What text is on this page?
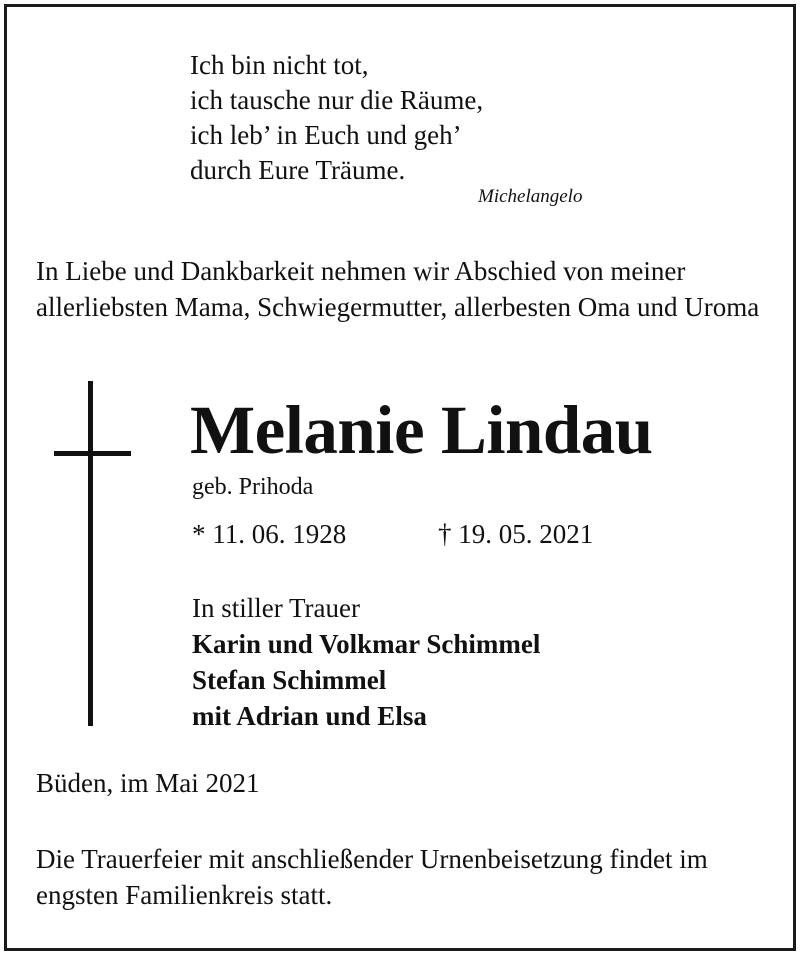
Ich bin nicht tot,
ich tausche nur die Räume,
ich leb’ in Euch und geh’
durch Eure Träume.
Michelangelo
In Liebe und Dankbarkeit nehmen wir Abschied von meiner allerliebsten Mama, Schwiegermutter, allerbesten Oma und Uroma
Melanie Lindau
geb. Prihoda
* 11. 06. 1928	† 19. 05. 2021
In stiller Trauer
Karin und Volkmar Schimmel
Stefan Schimmel
mit Adrian und Elsa
Büden, im Mai 2021
Die Trauerfeier mit anschließender Urnenbeisetzung findet im engsten Familienkreis statt.
